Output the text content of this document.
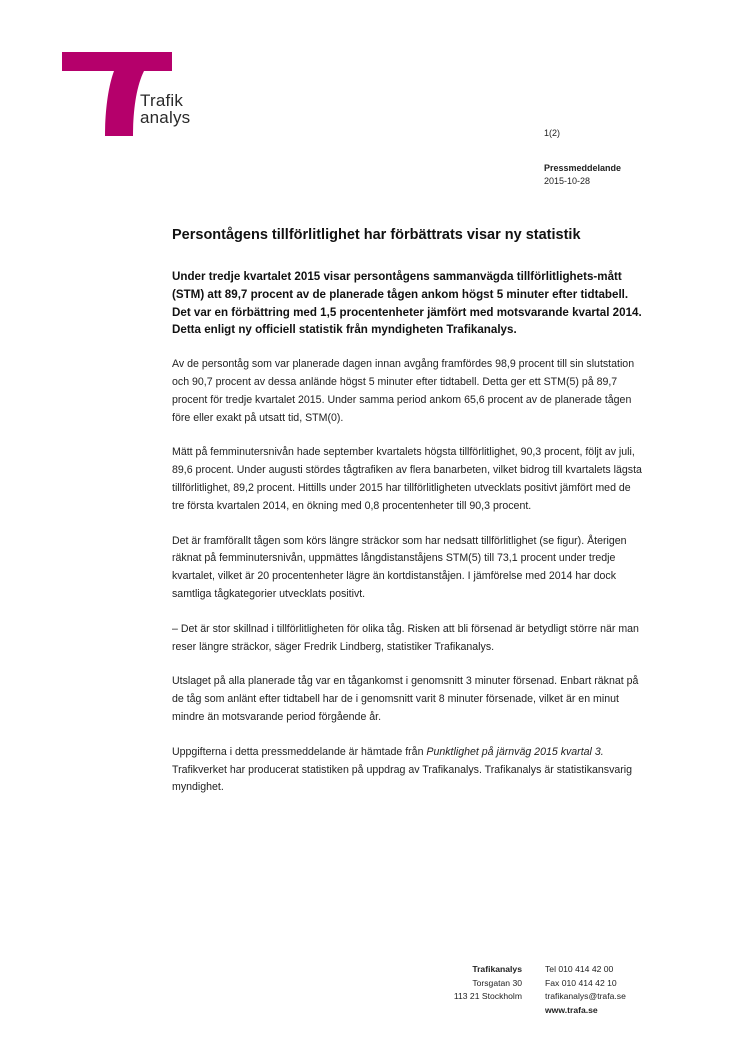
Trafik
analys
1(2)
Pressmeddelande
2015-10-28
Persontågens tillförlitlighet har förbättrats visar ny statistik

Under tredje kvartalet 2015 visar persontågens sammanvägda tillförlitlighets-mått (STM) att 89,7 procent av de planerade tågen ankom högst 5 minuter efter tidtabell. Det var en förbättring med 1,5 procentenheter jämfört med motsvarande kvartal 2014. Detta enligt ny officiell statistik från myndigheten Trafikanalys.

Av de persontåg som var planerade dagen innan avgång framfördes 98,9 procent till sin slutstation och 90,7 procent av dessa anlände högst 5 minuter efter tidtabell. Detta ger ett STM(5) på 89,7 procent för tredje kvartalet 2015. Under samma period ankom 65,6 procent av de planerade tågen före eller exakt på utsatt tid, STM(0).

Mätt på femminutersnivån hade september kvartalets högsta tillförlitlighet, 90,3 procent, följt av juli, 89,6 procent. Under augusti stördes tågtrafiken av flera banarbeten, vilket bidrog till kvartalets lägsta tillförlitlighet, 89,2 procent. Hittills under 2015 har tillförlitligheten utvecklats positivt jämfört med de tre första kvartalen 2014, en ökning med 0,8 procentenheter till 90,3 procent.

Det är framförallt tågen som körs längre sträckor som har nedsatt tillförlitlighet (se figur). Återigen räknat på femminutersnivån, uppmättes långdistanståjens STM(5) till 73,1 procent under tredje kvartalet, vilket är 20 procentenheter lägre än kortdistanståjen. I jämförelse med 2014 har dock samtliga tågkategorier utvecklats positivt.

– Det är stor skillnad i tillförlitligheten för olika tåg. Risken att bli försenad är betydligt större när man reser längre sträckor, säger Fredrik Lindberg, statistiker Trafikanalys.

Utslaget på alla planerade tåg var en tågankomst i genomsnitt 3 minuter försenad. Enbart räknat på de tåg som anlänt efter tidtabell har de i genomsnitt varit 8 minuter försenade, vilket är en minut mindre än motsvarande period förgående år.

Uppgifterna i detta pressmeddelande är hämtade från Punktlighet på järnväg 2015 kvartal 3. Trafikverket har producerat statistiken på uppdrag av Trafikanalys. Trafikanalys är statistikansvarig myndighet.

Trafikanalys
Torsgatan 30
113 21 Stockholm
Tel 010 414 42 00
Fax 010 414 42 10
trafikanalys@trafa.se
www.trafa.se
